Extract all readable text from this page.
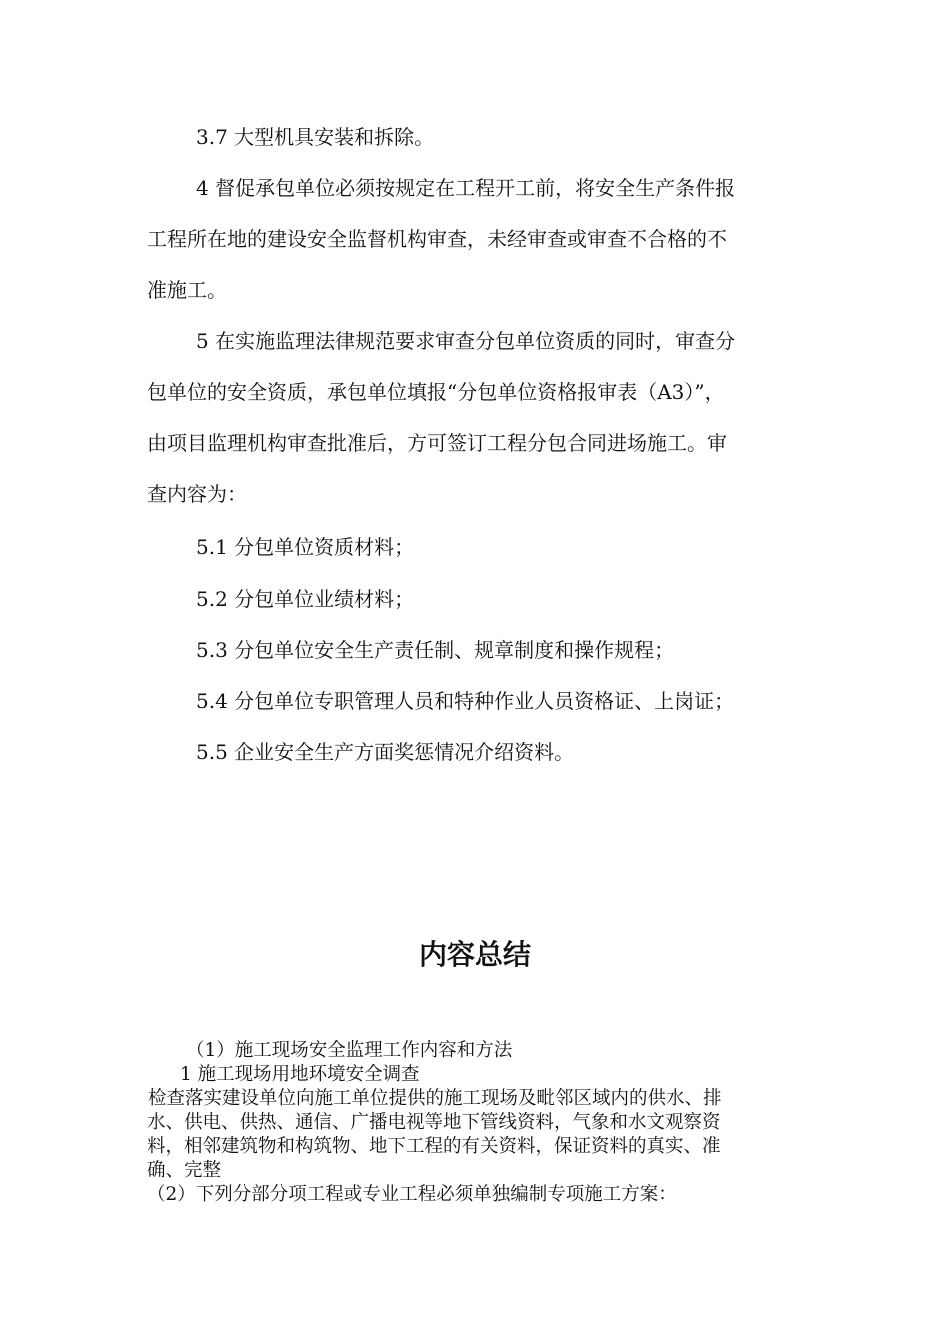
3.7 大型机具安装和拆除。

4 督促承包单位必须按规定在工程开工前，将安全生产条件报

工程所在地的建设安全监督机构审查，未经审查或审查不合格的不

准施工。

5 在实施监理法律规范要求审查分包单位资质的同时，审查分

包单位的安全资质，承包单位填报“分包单位资格报审表（A3）”，

由项目监理机构审查批准后，方可签订工程分包合同进场施工。审

查内容为：

5.1 分包单位资质材料；

5.2 分包单位业绩材料；

5.3 分包单位安全生产责任制、规章制度和操作规程；

5.4 分包单位专职管理人员和特种作业人员资格证、上岗证；

5.5 企业安全生产方面奖惩情况介绍资料。

内容总结

（1）施工现场安全监理工作内容和方法

1 施工现场用地环境安全调查

检查落实建设单位向施工单位提供的施工现场及毗邻区域内的供水、排

水、供电、供热、通信、广播电视等地下管线资料，气象和水文观察资

料，相邻建筑物和构筑物、地下工程的有关资料，保证资料的真实、准

确、完整

（2）下列分部分项工程或专业工程必须单独编制专项施工方案：
